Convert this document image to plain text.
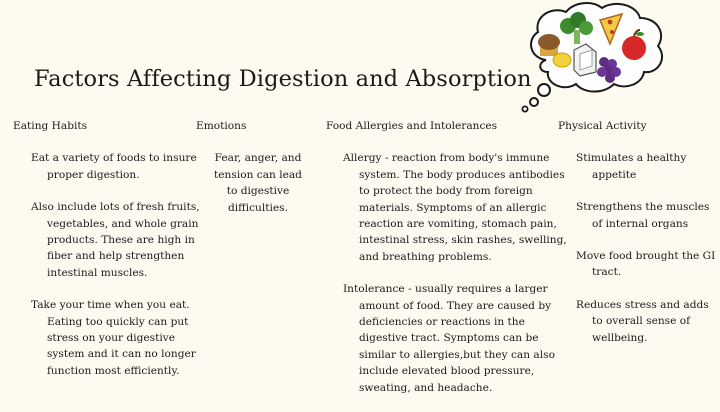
Factors Affecting Digestion and Absorption
Eating Habits

Eat a variety of foods to insure proper digestion.

Also include lots of fresh fruits, vegetables, and whole grain products. These are high in fiber and help strengthen intestinal muscles.

Take your time when you eat. Eating too quickly can put stress on your digestive system and it can no longer function most efficiently.

Emotions

Fear, anger, and tension can lead to digestive difficulties.

Food Allergies and Intolerances

Allergy - reaction from body's immune system. The body produces antibodies to protect the body from foreign materials. Symptoms of an allergic reaction are vomiting, stomach pain, intestinal stress, skin rashes, swelling, and breathing problems.

Intolerance - usually requires a larger amount of food. They are caused by deficiencies or reactions in the digestive tract. Symptoms can be similar to allergies,but they can also include elevated blood pressure, sweating, and headache.

Physical Activity

Stimulates a healthy appetite

Strengthens the muscles of internal organs

Move food brought the GI tract.

Reduces stress and adds to overall sense of wellbeing.
